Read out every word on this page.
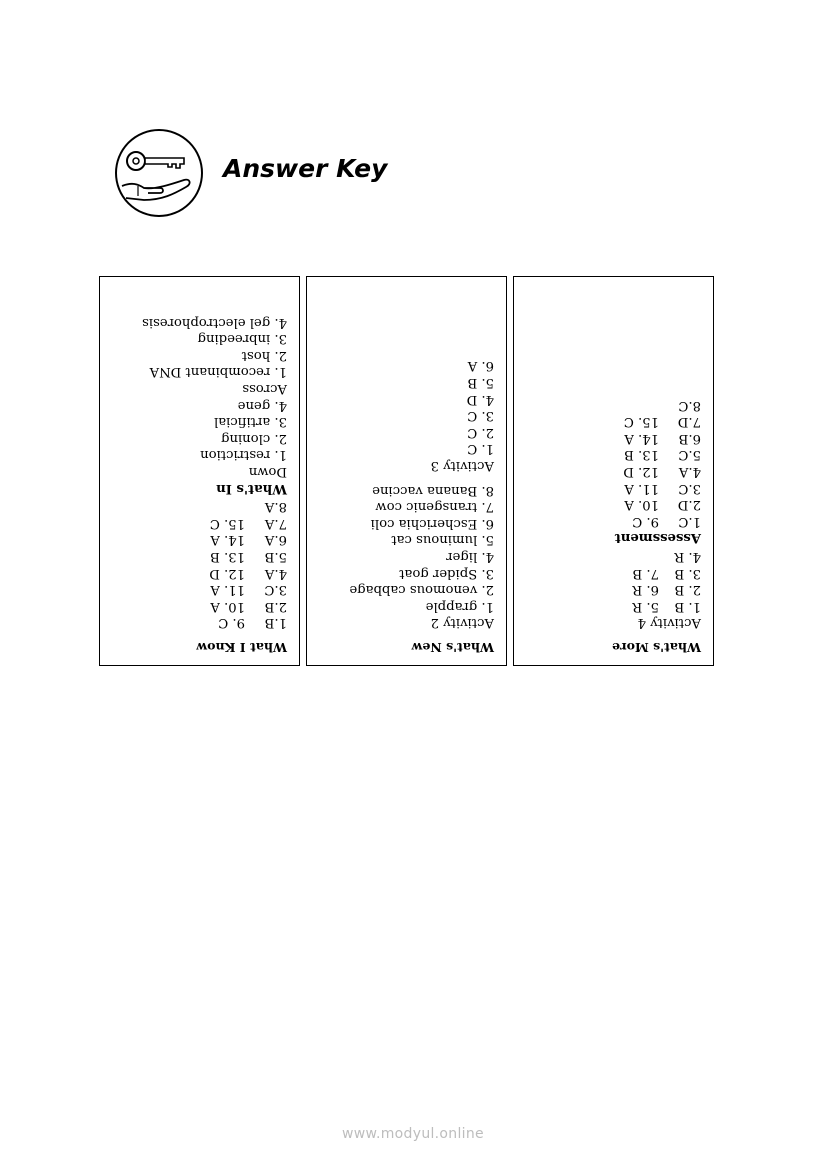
Answer Key
What I Know
1.B
9. C
2.B
10. A
3.C
11. A
4.A
12. D
5.B
13. B
6.A
14. A
7.A
15. C
8.A
What's In
Down
1. restriction
2. cloning
3. artificial
4. gene
Across
1. recombinant DNA
2. host
3. inbreeding
4. gel electrophoresis
What's New
Activity 2
1. grapple
2. venomous cabbage
3. Spider goat
4. liger
5. luminous cat
6. Escherichia coli
7. transgenic cow
8. Banana vaccine
Activity 3
1. C
2. C
3. C
4. D
5. B
6. A
What's More
Activity 4
1. B
5. R
2. B
6. R
3. B
7. B
4. R
Assessment
1.C
9. C
2.D
10. A
3.C
11. A
4.A
12. D
5.C
13. B
6.B
14. A
7.D
15. C
8.C
www.modyul.online
